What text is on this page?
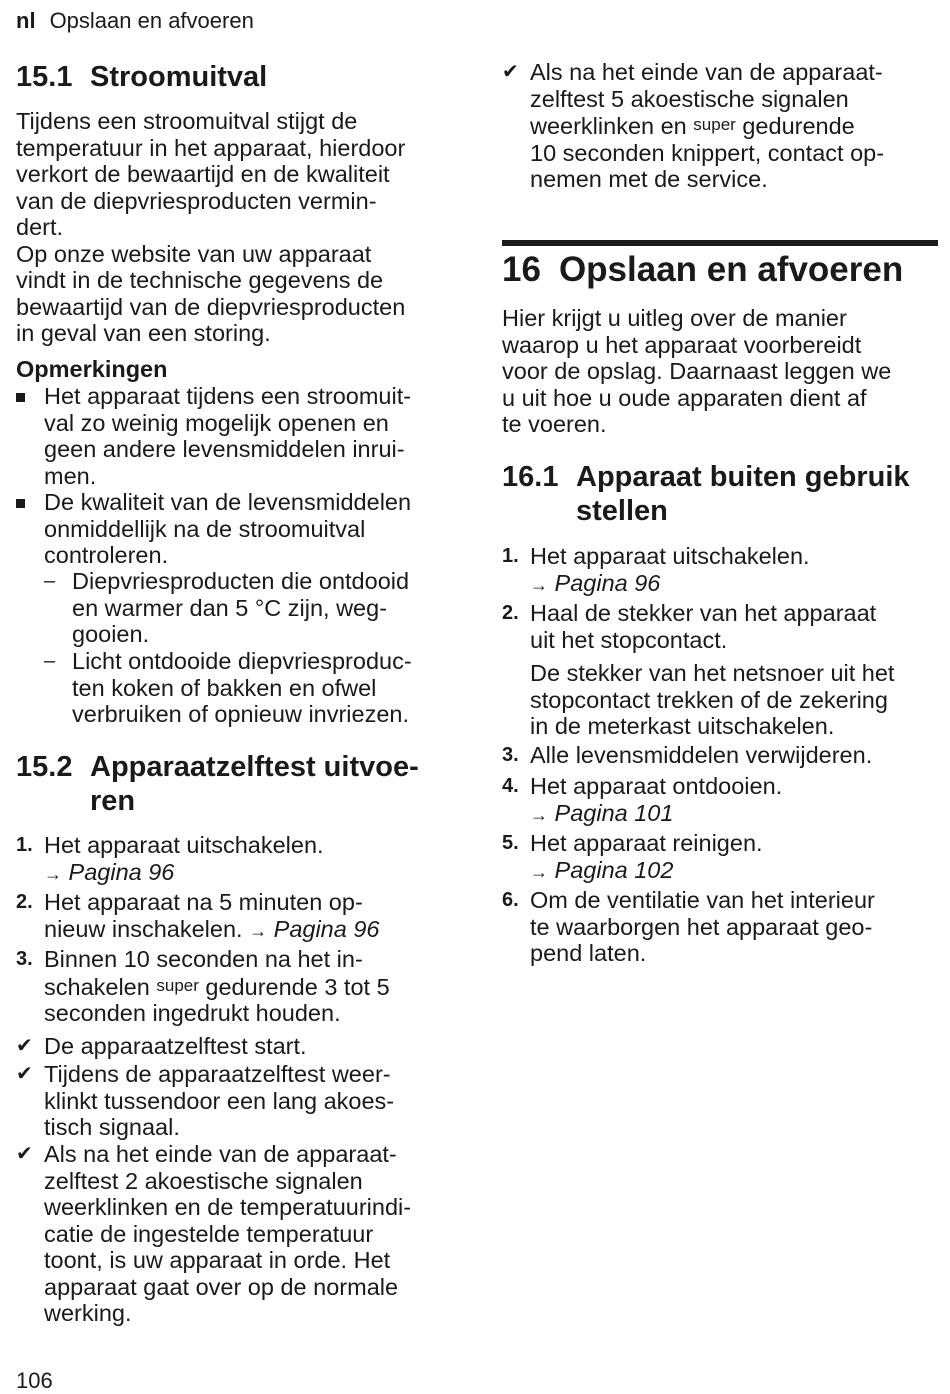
nl Opslaan en afvoeren
15.1 Stroomuitval
Tijdens een stroomuitval stijgt de
temperatuur in het apparaat, hierdoor
verkort de bewaartijd en de kwaliteit
van de diepvriesproducten vermin-
dert.
Op onze website van uw apparaat
vindt in de technische gegevens de
bewaartijd van de diepvriesproducten
in geval van een storing.
Opmerkingen
Het apparaat tijdens een stroomuit-
val zo weinig mogelijk openen en
geen andere levensmiddelen inrui-
men.
De kwaliteit van de levensmiddelen
onmiddellijk na de stroomuitval
controleren.
– Diepvriesproducten die ontdooid
en warmer dan 5 °C zijn, weg-
gooien.
– Licht ontdooide diepvriesproduc-
ten koken of bakken en ofwel
verbruiken of opnieuw invriezen.
15.2 Apparaatzelftest uitvoe-
ren
1. Het apparaat uitschakelen.
→ Pagina 96
2. Het apparaat na 5 minuten op-
nieuw inschakelen. → Pagina 96
3. Binnen 10 seconden na het in-
schakelen super gedurende 3 tot 5
seconden ingedrukt houden.
✔ De apparaatzelftest start.
✔ Tijdens de apparaatzelftest weer-
klinkt tussendoor een lang akoes-
tisch signaal.
✔ Als na het einde van de apparaat-
zelftest 2 akoestische signalen
weerklinken en de temperatuurindi-
catie de ingestelde temperatuur
toont, is uw apparaat in orde. Het
apparaat gaat over op de normale
werking.
✔ Als na het einde van de apparaat-
zelftest 5 akoestische signalen
weerklinken en super gedurende
10 seconden knippert, contact op-
nemen met de service.
16 Opslaan en afvoeren
Hier krijgt u uitleg over de manier
waarop u het apparaat voorbereidt
voor de opslag. Daarnaast leggen we
u uit hoe u oude apparaten dient af
te voeren.
16.1 Apparaat buiten gebruik
stellen
1. Het apparaat uitschakelen.
→ Pagina 96
2. Haal de stekker van het apparaat
uit het stopcontact.
De stekker van het netsnoer uit het
stopcontact trekken of de zekering
in de meterkast uitschakelen.
3. Alle levensmiddelen verwijderen.
4. Het apparaat ontdooien.
→ Pagina 101
5. Het apparaat reinigen.
→ Pagina 102
6. Om de ventilatie van het interieur
te waarborgen het apparaat geo-
pend laten.
106
